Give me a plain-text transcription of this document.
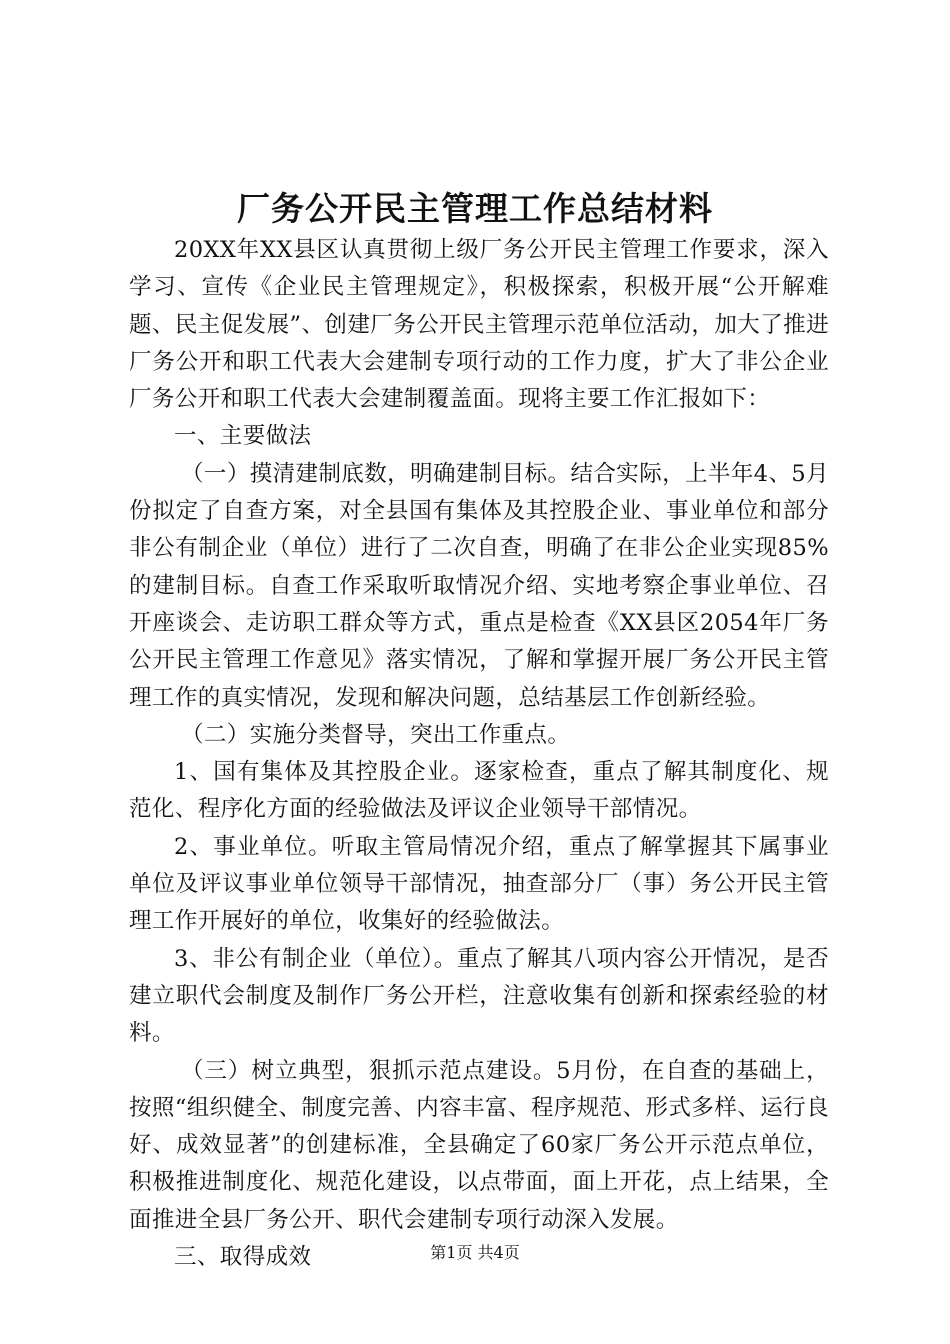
厂务公开民主管理工作总结材料

20XX年XX县区认真贯彻上级厂务公开民主管理工作要求，深入学习、宣传《企业民主管理规定》，积极探索，积极开展“公开解难题、民主促发展”、创建厂务公开民主管理示范单位活动，加大了推进厂务公开和职工代表大会建制专项行动的工作力度，扩大了非公企业厂务公开和职工代表大会建制覆盖面。现将主要工作汇报如下：

一、主要做法

（一）摸清建制底数，明确建制目标。结合实际，上半年4、5月份拟定了自查方案，对全县国有集体及其控股企业、事业单位和部分非公有制企业（单位）进行了二次自查，明确了在非公企业实现85%的建制目标。自查工作采取听取情况介绍、实地考察企事业单位、召开座谈会、走访职工群众等方式，重点是检查《XX县区2054年厂务公开民主管理工作意见》落实情况，了解和掌握开展厂务公开民主管理工作的真实情况，发现和解决问题，总结基层工作创新经验。

（二）实施分类督导，突出工作重点。

1、国有集体及其控股企业。逐家检查，重点了解其制度化、规范化、程序化方面的经验做法及评议企业领导干部情况。

2、事业单位。听取主管局情况介绍，重点了解掌握其下属事业单位及评议事业单位领导干部情况，抽查部分厂（事）务公开民主管理工作开展好的单位，收集好的经验做法。

3、非公有制企业（单位）。重点了解其八项内容公开情况，是否建立职代会制度及制作厂务公开栏，注意收集有创新和探索经验的材料。

（三）树立典型，狠抓示范点建设。5月份，在自查的基础上，按照“组织健全、制度完善、内容丰富、程序规范、形式多样、运行良好、成效显著”的创建标准，全县确定了60家厂务公开示范点单位，积极推进制度化、规范化建设，以点带面，面上开花，点上结果，全面推进全县厂务公开、职代会建制专项行动深入发展。

三、取得成效	第1页 共4页
